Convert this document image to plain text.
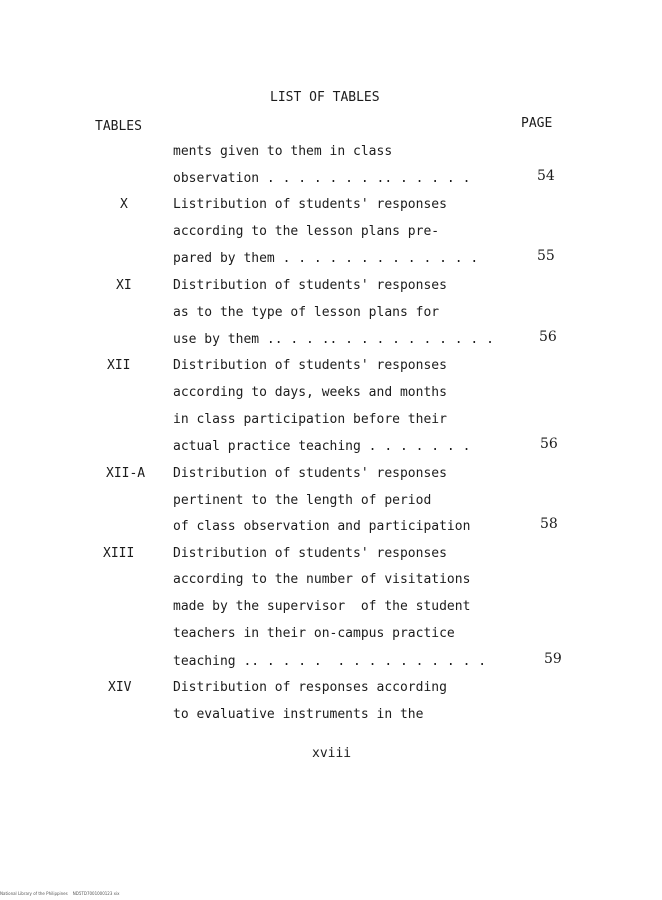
LIST OF TABLES
TABLES	PAGE
ments given to them in class
observation . . . . . . . .. . . . . .	54
X	Listribution of students' responses
according to the lesson plans pre-
pared by them . . . . . . . . . . . . .	55
XI	Distribution of students' responses
as to the type of lesson plans for
use by them .. . . .. . . . . . . . . . .	56
XII	Distribution of students' responses
according to days, weeks and months
in class participation before their
actual practice teaching . . . . . . .	56
XII-A Distribution of students' responses
pertinent to the length of period
of class observation and participation	58
XIII	Distribution of students' responses
according to the number of visitations
made by the supervisor  of the student
teachers in their on-campus practice
teaching .. . . . .  . . . . . . . . . .	59
XIV	Distribution of responses according
to evaluative instruments in the
xviii
National Library of the Philippines    ND5TD7001000123 xix
